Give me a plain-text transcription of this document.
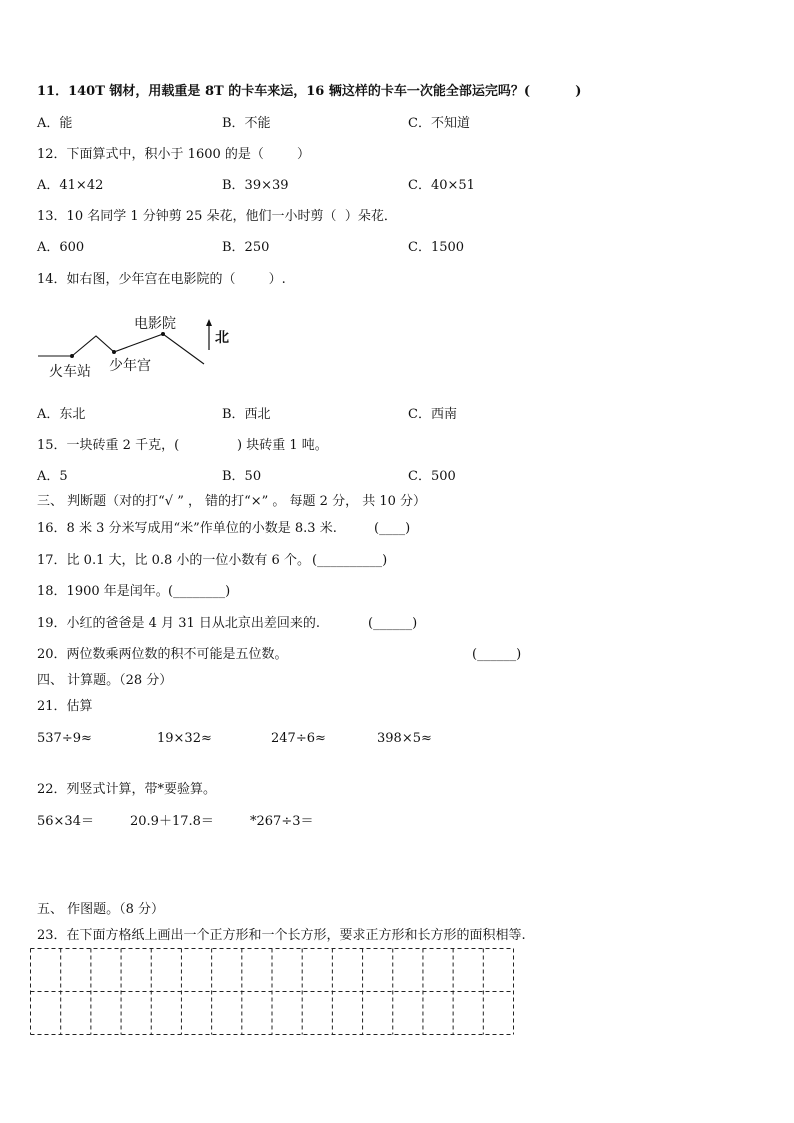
11．140T 钢材，用载重是 8T 的卡车来运，16 辆这样的卡车一次能全部运完吗？(          )
A．能	B．不能	C．不知道
12．下面算式中，积小于 1600 的是（        ）
A．41×42	B．39×39	C．40×51
13．10 名同学 1 分钟剪 25 朵花，他们一小时剪（  ）朵花．
A．600	B．250	C．1500
14．如右图，少年宫在电影院的（        ）.
电影院
火车站 少年宫
北
A．东北	B．西北	C．西南
15．一块砖重 2 千克，(              ) 块砖重 1 吨。
A．5	B．50	C．500
三、 判断题（对的打“√ ” ， 错的打“×” 。 每题 2 分， 共 10 分）
16．8 米 3 分米写成用“米”作单位的小数是 8.3 米.	(____)
17．比 0.1 大，比 0.8 小的一位小数有 6 个。 (__________)
18．1900 年是闰年。 (________)
19．小红的爸爸是 4 月 31 日从北京出差回来的.	(______)
20．两位数乘两位数的积不可能是五位数。	(______)
四、 计算题。（28 分）
21．估算
537÷9≈	19×32≈	247÷6≈	398×5≈
22．列竖式计算，带*要验算。
56×34＝	20.9＋17.8＝	*267÷3＝
五、 作图题。（8 分）
23．在下面方格纸上画出一个正方形和一个长方形，要求正方形和长方形的面积相等.
